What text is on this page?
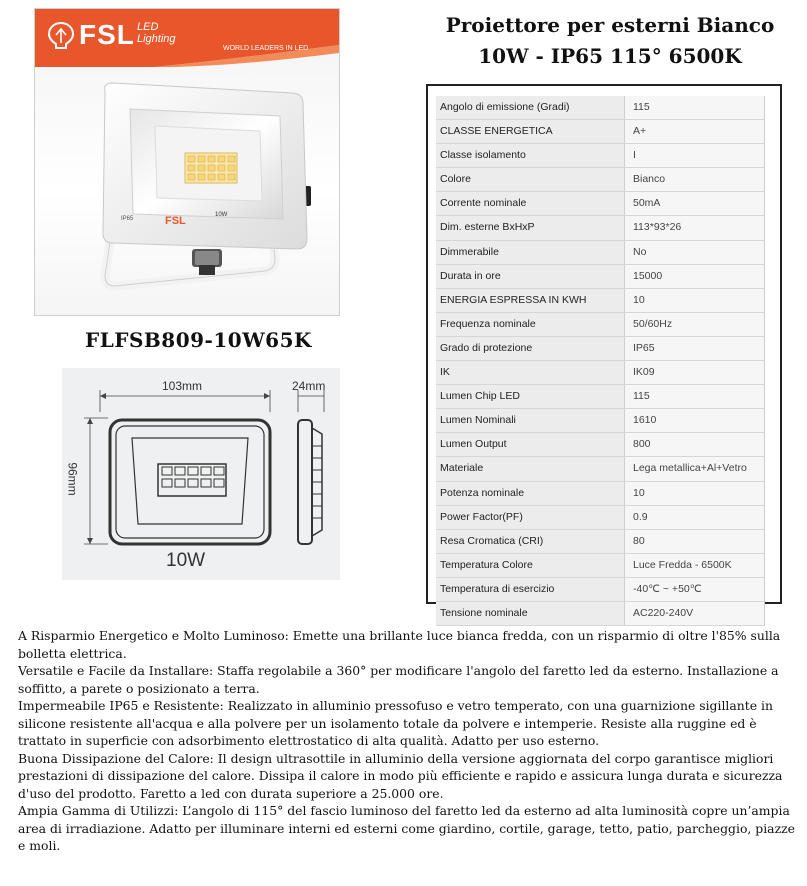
FSL LED
Lighting
WORLD LEADERS IN LED
IP65	FSL	10W
FLFSB809-10W65K
103mm	24mm
96mm
10W
Proiettore per esterni Bianco
10W - IP65 115° 6500K
Angolo di emissione (Gradi)	115
CLASSE ENERGETICA	A+
Classe isolamento	I
Colore	Bianco
Corrente nominale	50mA
Dim. esterne BxHxP	113*93*26
Dimmerabile	No
Durata in ore	15000
ENERGIA ESPRESSA IN KWH	10
Frequenza nominale	50/60Hz
Grado di protezione	IP65
IK	IK09
Lumen Chip LED	115
Lumen Nominali	1610
Lumen Output	800
Materiale	Lega metallica+Al+Vetro
Potenza nominale	10
Power Factor(PF)	0.9
Resa Cromatica (CRI)	80
Temperatura Colore	Luce Fredda - 6500K
Temperatura di esercizio	-40℃ ~ +50℃
Tensione nominale	AC220-240V

A Risparmio Energetico e Molto Luminoso: Emette una brillante luce bianca fredda, con un risparmio di oltre l'85% sulla bolletta elettrica.

Versatile e Facile da Installare: Staffa regolabile a 360° per modificare l'angolo del faretto led da esterno. Installazione a soffitto, a parete o posizionato a terra.

Impermeabile IP65 e Resistente: Realizzato in alluminio pressofuso e vetro temperato, con una guarnizione sigillante in silicone resistente all'acqua e alla polvere per un isolamento totale da polvere e intemperie. Resiste alla ruggine ed è trattato in superficie con adsorbimento elettrostatico di alta qualità. Adatto per uso esterno.

Buona Dissipazione del Calore: Il design ultrasottile in alluminio della versione aggiornata del corpo garantisce migliori prestazioni di dissipazione del calore. Dissipa il calore in modo più efficiente e rapido e assicura lunga durata e sicurezza d'uso del prodotto. Faretto a led con durata superiore a 25.000 ore.

Ampia Gamma di Utilizzi: L’angolo di 115° del fascio luminoso del faretto led da esterno ad alta luminosità copre un’ampia area di irradiazione. Adatto per illuminare interni ed esterni come giardino, cortile, garage, tetto, patio, parcheggio, piazze e moli.
